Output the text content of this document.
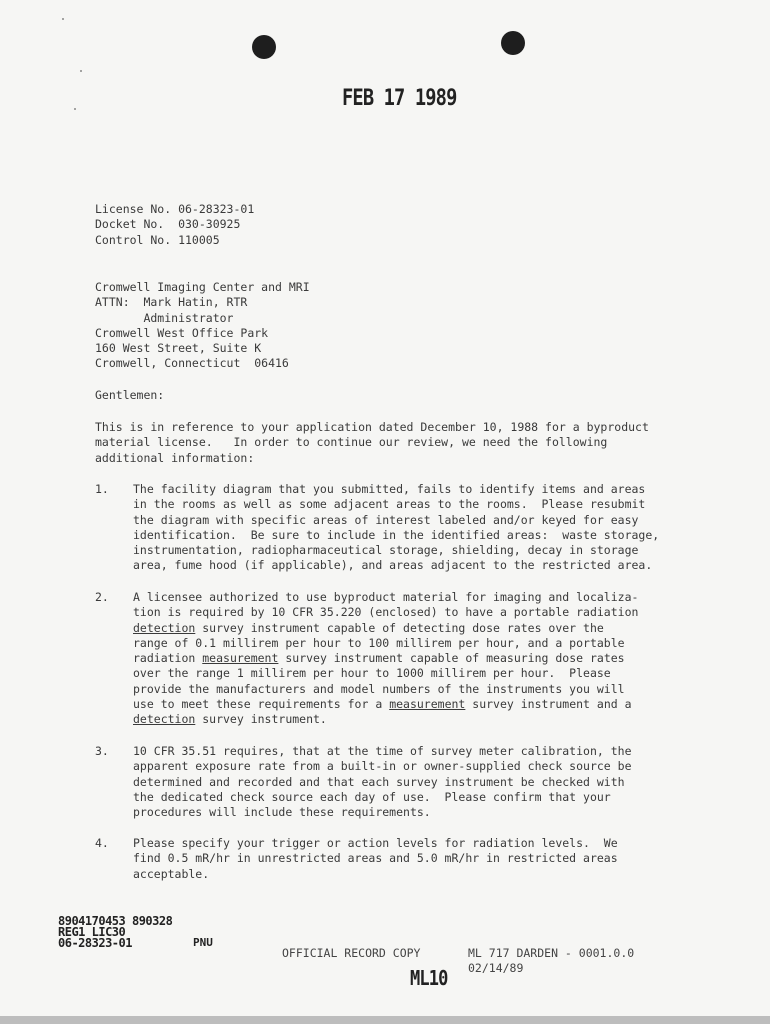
FEB 17 1989
License No. 06-28323-01
Docket No.  030-30925
Control No. 110005
Cromwell Imaging Center and MRI
ATTN:  Mark Hatin, RTR
Administrator
Cromwell West Office Park
160 West Street, Suite K
Cromwell, Connecticut  06416
Gentlemen:
This is in reference to your application dated December 10, 1988 for a byproduct
material license.   In order to continue our review, we need the following
additional information:
1.	The facility diagram that you submitted, fails to identify items and areas
in the rooms as well as some adjacent areas to the rooms.  Please resubmit
the diagram with specific areas of interest labeled and/or keyed for easy
identification.  Be sure to include in the identified areas:  waste storage,
instrumentation, radiopharmaceutical storage, shielding, decay in storage
area, fume hood (if applicable), and areas adjacent to the restricted area.
2.	A licensee authorized to use byproduct material for imaging and localiza-
tion is required by 10 CFR 35.220 (enclosed) to have a portable radiation
detection survey instrument capable of detecting dose rates over the
range of 0.1 millirem per hour to 100 millirem per hour, and a portable
radiation measurement survey instrument capable of measuring dose rates
over the range 1 millirem per hour to 1000 millirem per hour.  Please
provide the manufacturers and model numbers of the instruments you will
use to meet these requirements for a measurement survey instrument and a
detection survey instrument.
3.	10 CFR 35.51 requires, that at the time of survey meter calibration, the
apparent exposure rate from a built-in or owner-supplied check source be
determined and recorded and that each survey instrument be checked with
the dedicated check source each day of use.  Please confirm that your
procedures will include these requirements.
4.	Please specify your trigger or action levels for radiation levels.  We
find 0.5 mR/hr in unrestricted areas and 5.0 mR/hr in restricted areas
acceptable.
8904170453 890328
REG1 LIC30
06-28323-01	PNU
OFFICIAL RECORD COPY	ML 717 DARDEN - 0001.0.0
02/14/89
ML10
